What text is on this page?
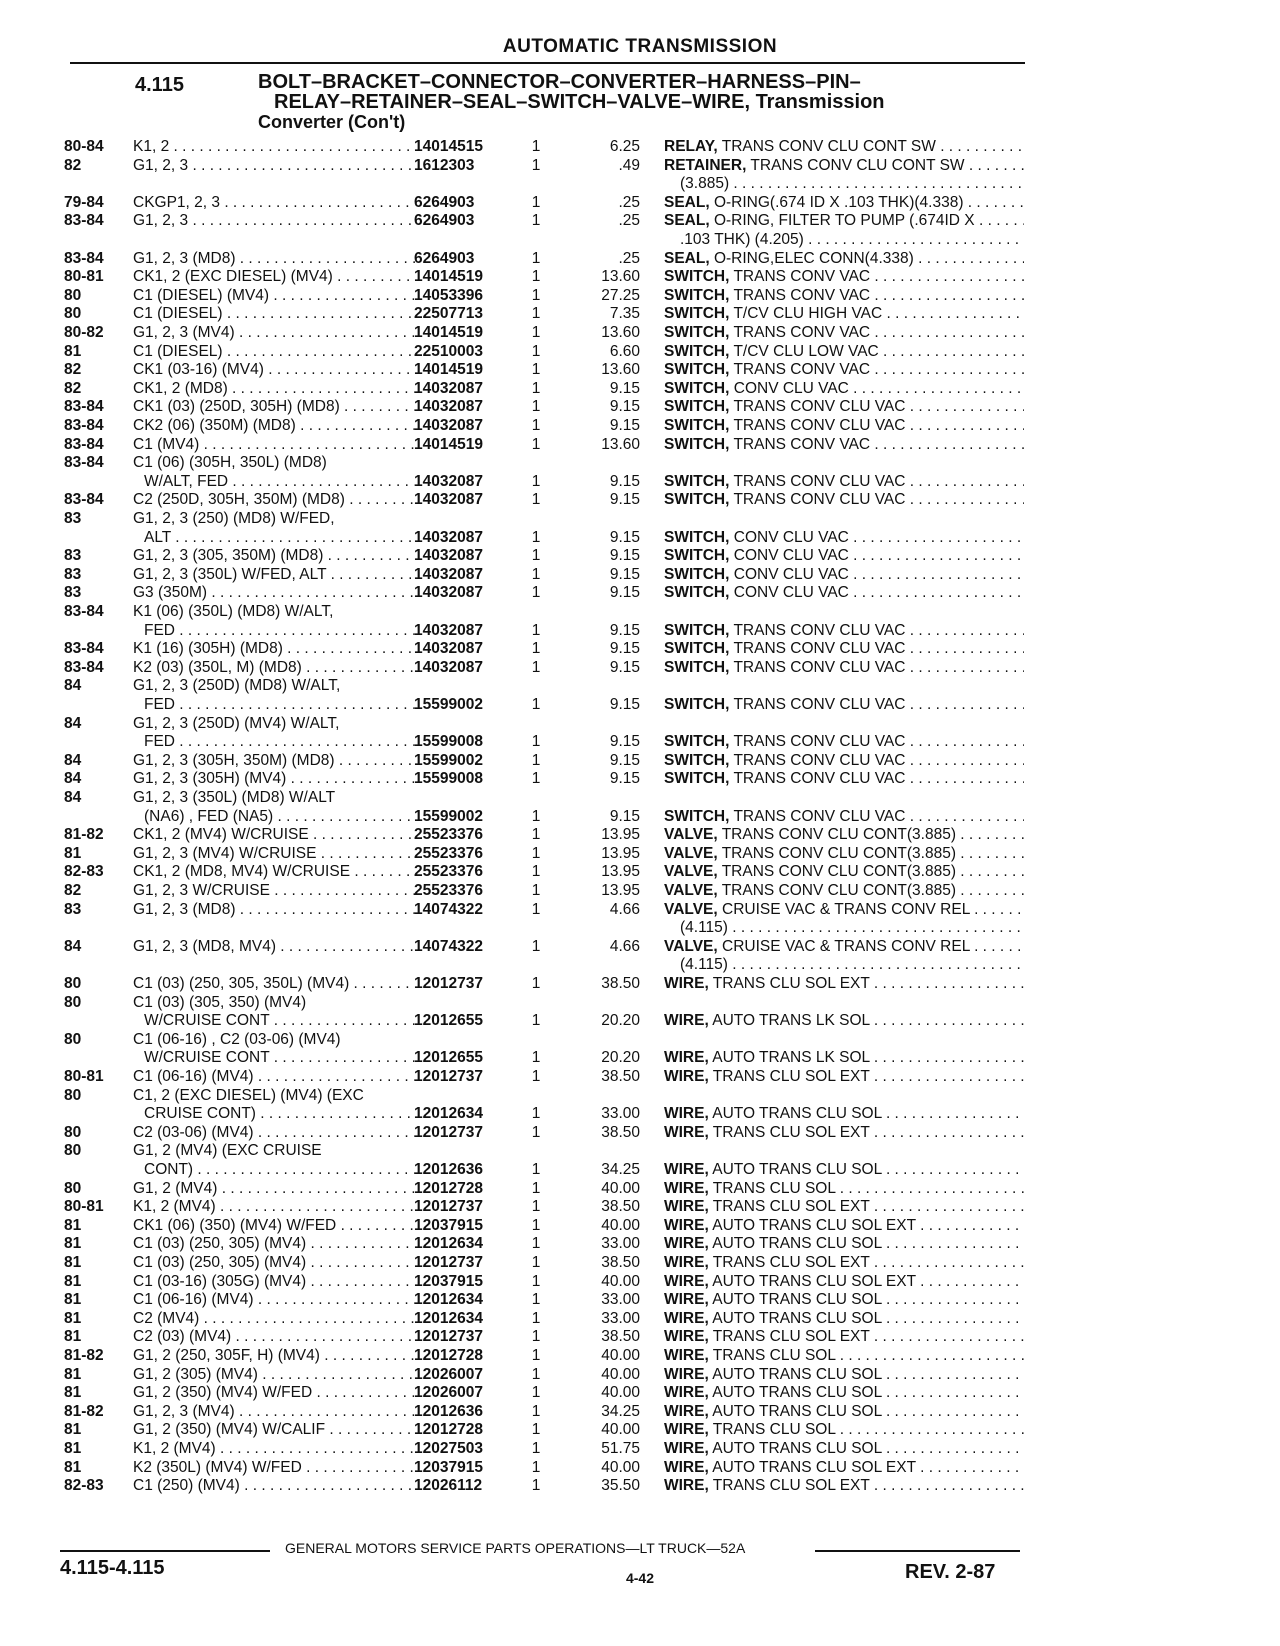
AUTOMATIC TRANSMISSION
4.115	BOLT–BRACKET–CONNECTOR–CONVERTER–HARNESS–PIN–
RELAY–RETAINER–SEAL–SWITCH–VALVE–WIRE, Transmission
Converter (Con't)
80-84 K1, 2 . . .	14014515	1	6.25 RELAY, TRANS CONV CLU CONT SW . . .
82	G1, 2, 3 . . .	1612303	1	.49 RETAINER, TRANS CONV CLU CONT SW . . .
(3.885) . . .
79-84 CKGP1, 2, 3 . . .	6264903	1	.25 SEAL, O-RING(.674 ID X .103 THK)(4.338) . . .
83-84 G1, 2, 3 . . .	6264903	1	.25 SEAL, O-RING, FILTER TO PUMP (.674ID X . . .
.103 THK) (4.205) . . .
83-84 G1, 2, 3 (MD8) . . .	6264903	1	.25 SEAL, O-RING,ELEC CONN(4.338) . . .
80-81 CK1, 2 (EXC DIESEL) (MV4) . . .	14014519	1	13.60 SWITCH, TRANS CONV VAC . . .
80	C1 (DIESEL) (MV4) . . .	14053396	1	27.25 SWITCH, TRANS CONV VAC . . .
80	C1 (DIESEL) . . .	22507713	1	7.35 SWITCH, T/CV CLU HIGH VAC . . .
80-82 G1, 2, 3 (MV4) . . .	14014519	1	13.60 SWITCH, TRANS CONV VAC . . .
81	C1 (DIESEL) . . .	22510003	1	6.60 SWITCH, T/CV CLU LOW VAC . . .
82	CK1 (03-16) (MV4) . . .	14014519	1	13.60 SWITCH, TRANS CONV VAC . . .
82	CK1, 2 (MD8) . . .	14032087	1	9.15 SWITCH, CONV CLU VAC . . .
83-84 CK1 (03) (250D, 305H) (MD8) . . .	14032087	1	9.15 SWITCH, TRANS CONV CLU VAC . . .
83-84 CK2 (06) (350M) (MD8) . . .	14032087	1	9.15 SWITCH, TRANS CONV CLU VAC . . .
83-84 C1 (MV4) . . .	14014519	1	13.60 SWITCH, TRANS CONV VAC . . .
83-84 C1 (06) (305H, 350L) (MD8)
W/ALT, FED . . .	14032087	1	9.15 SWITCH, TRANS CONV CLU VAC . . .
83-84 C2 (250D, 305H, 350M) (MD8) . . .	14032087	1	9.15 SWITCH, TRANS CONV CLU VAC . . .
83	G1, 2, 3 (250) (MD8) W/FED,
ALT . . .	14032087	1	9.15 SWITCH, CONV CLU VAC . . .
83	G1, 2, 3 (305, 350M) (MD8) . . .	14032087	1	9.15 SWITCH, CONV CLU VAC . . .
83	G1, 2, 3 (350L) W/FED, ALT . . .	14032087	1	9.15 SWITCH, CONV CLU VAC . . .
83	G3 (350M) . . .	14032087	1	9.15 SWITCH, CONV CLU VAC . . .
83-84 K1 (06) (350L) (MD8) W/ALT,
FED . . .	14032087	1	9.15 SWITCH, TRANS CONV CLU VAC . . .
83-84 K1 (16) (305H) (MD8) . . .	14032087	1	9.15 SWITCH, TRANS CONV CLU VAC . . .
83-84 K2 (03) (350L, M) (MD8) . . .	14032087	1	9.15 SWITCH, TRANS CONV CLU VAC . . .
84	G1, 2, 3 (250D) (MD8) W/ALT,
FED . . .	15599002	1	9.15 SWITCH, TRANS CONV CLU VAC . . .
84	G1, 2, 3 (250D) (MV4) W/ALT,
FED . . .	15599008	1	9.15 SWITCH, TRANS CONV CLU VAC . . .
84	G1, 2, 3 (305H, 350M) (MD8) . . .	15599002	1	9.15 SWITCH, TRANS CONV CLU VAC . . .
84	G1, 2, 3 (305H) (MV4) . . .	15599008	1	9.15 SWITCH, TRANS CONV CLU VAC . . .
84	G1, 2, 3 (350L) (MD8) W/ALT
(NA6) , FED (NA5) . . .	15599002	1	9.15 SWITCH, TRANS CONV CLU VAC . . .
81-82 CK1, 2 (MV4) W/CRUISE . . .	25523376	1	13.95 VALVE, TRANS CONV CLU CONT(3.885) . . .
81	G1, 2, 3 (MV4) W/CRUISE . . .	25523376	1	13.95 VALVE, TRANS CONV CLU CONT(3.885) . . .
82-83 CK1, 2 (MD8, MV4) W/CRUISE . . .	25523376	1	13.95 VALVE, TRANS CONV CLU CONT(3.885) . . .
82	G1, 2, 3 W/CRUISE . . .	25523376	1	13.95 VALVE, TRANS CONV CLU CONT(3.885) . . .
83	G1, 2, 3 (MD8) . . .	14074322	1	4.66 VALVE, CRUISE VAC & TRANS CONV REL . . .
(4.115) . . .
84	G1, 2, 3 (MD8, MV4) . . .	14074322	1	4.66 VALVE, CRUISE VAC & TRANS CONV REL . . .
(4.115) . . .
80	C1 (03) (250, 305, 350L) (MV4) . . .	12012737	1	38.50 WIRE, TRANS CLU SOL EXT . . .
80	C1 (03) (305, 350) (MV4)
W/CRUISE CONT . . .	12012655	1	20.20 WIRE, AUTO TRANS LK SOL . . .
80	C1 (06-16) , C2 (03-06) (MV4)
W/CRUISE CONT . . .	12012655	1	20.20 WIRE, AUTO TRANS LK SOL . . .
80-81 C1 (06-16) (MV4) . . .	12012737	1	38.50 WIRE, TRANS CLU SOL EXT . . .
80	C1, 2 (EXC DIESEL) (MV4) (EXC
CRUISE CONT) . . .	12012634	1	33.00 WIRE, AUTO TRANS CLU SOL . . .
80	C2 (03-06) (MV4) . . .	12012737	1	38.50 WIRE, TRANS CLU SOL EXT . . .
80	G1, 2 (MV4) (EXC CRUISE
CONT) . . .	12012636	1	34.25 WIRE, AUTO TRANS CLU SOL . . .
80	G1, 2 (MV4) . . .	12012728	1	40.00 WIRE, TRANS CLU SOL . . .
80-81 K1, 2 (MV4) . . .	12012737	1	38.50 WIRE, TRANS CLU SOL EXT . . .
81	CK1 (06) (350) (MV4) W/FED . . .	12037915	1	40.00 WIRE, AUTO TRANS CLU SOL EXT . . .
81	C1 (03) (250, 305) (MV4) . . .	12012634	1	33.00 WIRE, AUTO TRANS CLU SOL . . .
81	C1 (03) (250, 305) (MV4) . . .	12012737	1	38.50 WIRE, TRANS CLU SOL EXT . . .
81	C1 (03-16) (305G) (MV4) . . .	12037915	1	40.00 WIRE, AUTO TRANS CLU SOL EXT . . .
81	C1 (06-16) (MV4) . . .	12012634	1	33.00 WIRE, AUTO TRANS CLU SOL . . .
81	C2 (MV4) . . .	12012634	1	33.00 WIRE, AUTO TRANS CLU SOL . . .
81	C2 (03) (MV4) . . .	12012737	1	38.50 WIRE, TRANS CLU SOL EXT . . .
81-82 G1, 2 (250, 305F, H) (MV4) . . .	12012728	1	40.00 WIRE, TRANS CLU SOL . . .
81	G1, 2 (305) (MV4) . . .	12026007	1	40.00 WIRE, AUTO TRANS CLU SOL . . .
81	G1, 2 (350) (MV4) W/FED . . .	12026007	1	40.00 WIRE, AUTO TRANS CLU SOL . . .
81-82 G1, 2, 3 (MV4) . . .	12012636	1	34.25 WIRE, AUTO TRANS CLU SOL . . .
81	G1, 2 (350) (MV4) W/CALIF . . .	12012728	1	40.00 WIRE, TRANS CLU SOL . . .
81	K1, 2 (MV4) . . .	12027503	1	51.75 WIRE, AUTO TRANS CLU SOL . . .
81	K2 (350L) (MV4) W/FED . . .	12037915	1	40.00 WIRE, AUTO TRANS CLU SOL EXT . . .
82-83 C1 (250) (MV4) . . .	12026112	1	35.50 WIRE, TRANS CLU SOL EXT . . .
GENERAL MOTORS SERVICE PARTS OPERATIONS—LT TRUCK—52A
4.115-4.115	4-42	REV. 2-87
